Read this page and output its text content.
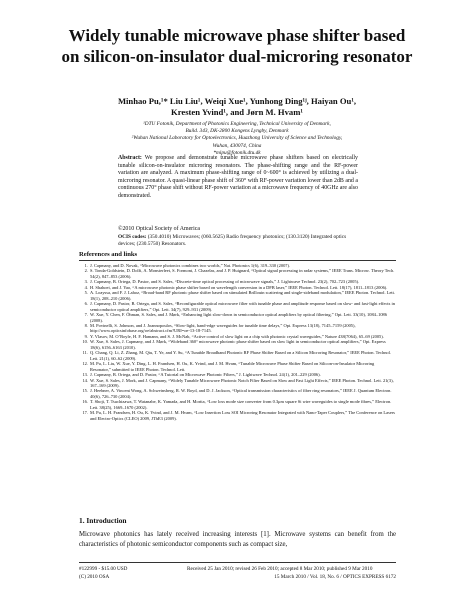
Widely tunable microwave phase shifter based
on silicon-on-insulator dual-microring resonator
Minhao Pu,¹* Liu Liu¹, Weiqi Xue¹, Yunhong Ding¹ʲ, Haiyan Ou¹,
Kresten Yvind¹, and Jørn M. Hvam¹
¹DTU Fotonik, Department of Photonics Engineering, Technical University of Denmark,
Build. 343, DK-2800 Kongens Lyngby, Denmark
²Wuhan National Laboratory for Optoelectronics, Huazhong University of Science and Technology,
Wuhan, 430074, China
*mipu@fotonik.dtu.dk
Abstract: We propose and demonstrate tunable microwave phase shifters based on electrically tunable silicon-on-insulator microring resonators. The phase-shifting range and the RF-power variation are analyzed. A maximum phase-shifting range of 0~600° is achieved by utilizing a dual-microring resonator. A quasi-linear phase shift of 360° with RF-power variation lower than 2dB and a continuous 270° phase shift without RF-power variation at a microwave frequency of 40GHz are also demonstrated.
©2010 Optical Society of America
OCIS codes: (350.4010) Microwaves; (060.5625) Radio frequency photonics; (130.3120) Integrated optics devices; (230.5750) Resonators.
References and links
1. J. Capmany, and D. Novak, “Microwave photonics combines two worlds,” Nat. Photonics 1(6), 319–330 (2007).
2. S. Tonda-Goldstein, D. Dolfi, A. Monsterleet, S. Formont, J. Chazelas, and J. P. Huignard, “Optical signal processing in radar systems,” IEEE Trans. Microw. Theory Tech. 54(2), 847–853 (2006).
3. J. Capmany, B. Ortega, D. Pastor, and S. Sales, “Discrete-time optical processing of microwave signals,” J. Lightwave Technol. 23(2), 702–723 (2005).
4. H. Shahoei, and J. Yao, “A microwave photonic phase shifter based on wavelength conversion in a DFB laser,” IEEE Photon. Technol. Lett. 18(17), 1811–1813 (2006).
5. A. Loayssa, and F. J. Lahoz, “Broad-band RF photonic phase shifter based on stimulated Brillouin scattering and single-sideband modulation,” IEEE Photon. Technol. Lett. 18(1), 208–210 (2006).
6. J. Capmany, D. Pastor, B. Ortega, and S. Sales, “Reconfigurable optical microwave filter with tunable phase and amplitude response based on slow- and fast-light effects in semiconductor optical amplifiers,” Opt. Lett. 34(7), 929–931 (2009).
7. W. Xue, Y. Chen, F. Öhman, S. Sales, and J. Mørk, “Enhancing light slow-down in semiconductor optical amplifiers by optical filtering,” Opt. Lett. 33(10), 1084–1086 (2008).
8. M. Povinelli, S. Johnson, and J. Joannopoulos, “Slow-light, band-edge waveguides for tunable time delays,” Opt. Express 13(18), 7145–7159 (2005), http://www.opticsinfobase.org/oe/abstract.cfm?URI=oe-13-18-7145.
9. Y. Vlasov, M. O’Boyle, H. F. Hamann, and S. J. McNab, “Active control of slow light on a chip with photonic crystal waveguides,” Nature 438(7064), 65–69 (2005).
10. W. Xue, S. Sales, J. Capmany, and J. Mørk, “Wideband 360° microwave photonic phase shifter based on slow light in semiconductor optical amplifiers,” Opt. Express 18(6), 6156–6163 (2010).
11. Q. Chang, Q. Li, Z. Zhang, M. Qiu, T. Ye, and Y. Su, “A Tunable Broadband Photonic RF Phase Shifter Based on a Silicon Microring Resonator,” IEEE Photon. Technol. Lett. 21(1), 60–62 (2009).
12. M. Pu, L. Liu, W. Xue, Y. Ding, L. H. Frandsen, H. Ou, K. Yvind, and J. M. Hvam, “Tunable Microwave Phase Shifter Based on Silicon-on-Insulator Microring Resonator,” submitted to IEEE Photon. Technol. Lett.
13. J. Capmany, B. Ortega, and D. Pastor, “A Tutorial on Microwave Photonic Filters,” J. Lightwave Technol. 24(1), 201–229 (2006).
14. W. Xue, S. Sales, J. Mork, and J. Capmany, “Widely Tunable Microwave Photonic Notch Filter Based on Slow and Fast Light Effects,” IEEE Photon. Technol. Lett. 21(3), 167–169 (2009).
15. J. Heebner, A. Vincent Wong, A. Schweinsberg, R. W. Boyd, and D. J. Jackson, “Optical transmission characteristics of fiber ring resonators,” IEEE J. Quantum Electron. 40(6), 726–730 (2004).
16. T. Shoji, T. Tsuchizawa, T. Watanabe, K. Yamada, and H. Morita, “Low loss mode size converter from 0.3μm square Si wire waveguides to single mode fibres,” Electron. Lett. 38(25), 1669–1670 (2002).
17. M. Pu, L. H. Frandsen, H. Ou, K. Yvind, and J. M. Hvam, “Low Insertion Loss SOI Microring Resonator Integrated with Nano-Taper Couplers,” The Conference on Lasers and Electro-Optics (CLEO) 2009, JThE3 (2009).
1. Introduction
Microwave photonics has lately received increasing interests [1]. Microwave systems can benefit from the characteristics of photonic semiconductor components such as compact size,
#122999 - $15.00 USD	Received 25 Jan 2010; revised 26 Feb 2010; accepted 8 Mar 2010; published 9 Mar 2010
(C) 2010 OSA	15 March 2010 / Vol. 18, No. 6 / OPTICS EXPRESS 6172
